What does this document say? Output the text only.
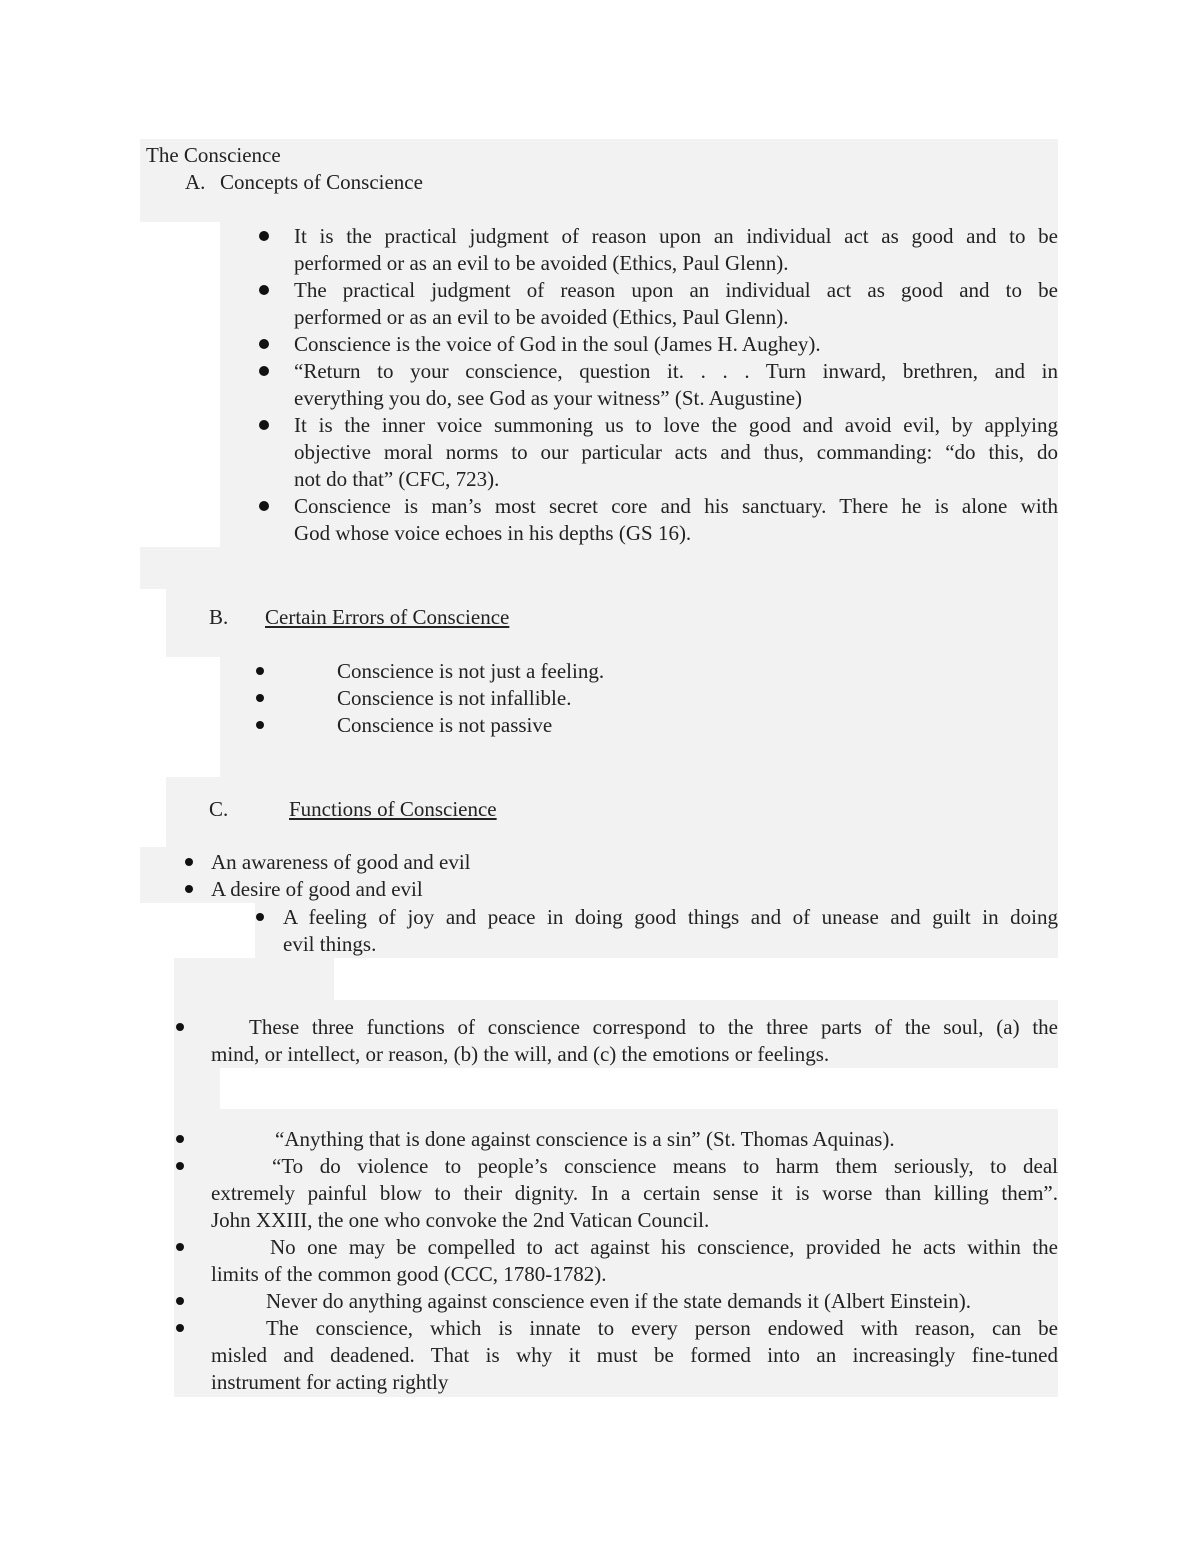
The Conscience
A. Concepts of Conscience
It is the practical judgment of reason upon an individual act as good and to be
performed or as an evil to be avoided (Ethics, Paul Glenn).
The practical judgment of reason upon an individual act as good and to be
performed or as an evil to be avoided (Ethics, Paul Glenn).
Conscience is the voice of God in the soul (James H. Aughey).
“Return to your conscience, question it. . . . Turn inward, brethren, and in
everything you do, see God as your witness” (St. Augustine)
It is the inner voice summoning us to love the good and avoid evil, by applying
objective moral norms to our particular acts and thus, commanding: “do this, do
not do that” (CFC, 723).
Conscience is man’s most secret core and his sanctuary. There he is alone with
God whose voice echoes in his depths (GS 16).
B. Certain Errors of Conscience
Conscience is not just a feeling.
Conscience is not infallible.
Conscience is not passive
C.	Functions of Conscience
An awareness of good and evil
A desire of good and evil
A feeling of joy and peace in doing good things and of unease and guilt in doing
evil things.
These three functions of conscience correspond to the three parts of the soul, (a) the
mind, or intellect, or reason, (b) the will, and (c) the emotions or feelings.
“Anything that is done against conscience is a sin” (St. Thomas Aquinas).
“To do violence to people’s conscience means to harm them seriously, to deal
extremely painful blow to their dignity. In a certain sense it is worse than killing them”.
John XXIII, the one who convoke the 2nd Vatican Council.
No one may be compelled to act against his conscience, provided he acts within the
limits of the common good (CCC, 1780-1782).
Never do anything against conscience even if the state demands it (Albert Einstein).
The conscience, which is innate to every person endowed with reason, can be
misled and deadened. That is why it must be formed into an increasingly fine-tuned
instrument for acting rightly
